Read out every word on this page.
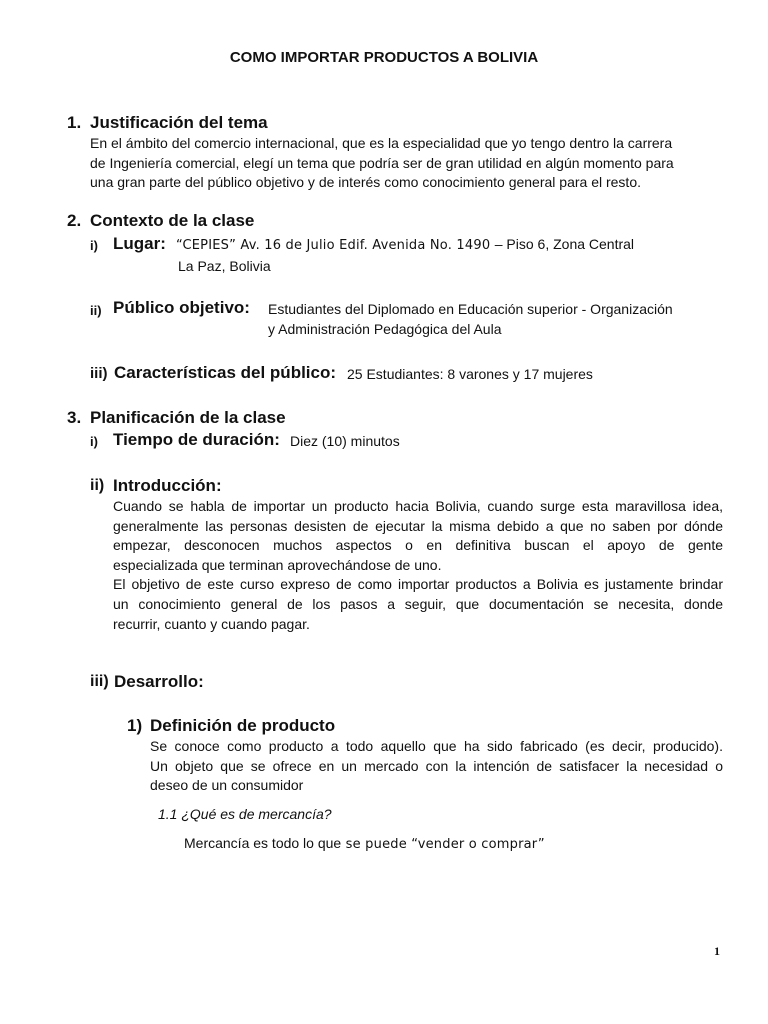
COMO IMPORTAR PRODUCTOS A BOLIVIA
1. Justificación del tema
En el ámbito del comercio internacional, que es la especialidad que yo tengo dentro la carrera
de Ingeniería comercial, elegí un tema que podría ser de gran utilidad en algún momento para
una gran parte del público objetivo y de interés como conocimiento general para el resto.
2. Contexto de la clase
i) Lugar: “CEPIES” Av. 16 de Julio Edif. Avenida No. 1490 – Piso 6, Zona Central
La Paz, Bolivia
ii) Público objetivo: Estudiantes del Diplomado en Educación superior - Organización
y Administración Pedagógica del Aula
iii) Características del público: 25 Estudiantes: 8 varones y 17 mujeres
3. Planificación de la clase
i) Tiempo de duración: Diez (10) minutos
ii) Introducción:
Cuando se habla de importar un producto hacia Bolivia, cuando surge esta maravillosa idea,
generalmente las personas desisten de ejecutar la misma debido a que no saben por dónde
empezar, desconocen muchos aspectos o en definitiva buscan el apoyo de gente
especializada que terminan aprovechándose de uno.
El objetivo de este curso expreso de como importar productos a Bolivia es justamente brindar
un conocimiento general de los pasos a seguir, que documentación se necesita, donde
recurrir, cuanto y cuando pagar.
iii) Desarrollo:
1) Definición de producto
Se conoce como producto a todo aquello que ha sido fabricado (es decir, producido).
Un objeto que se ofrece en un mercado con la intención de satisfacer la necesidad o
deseo de un consumidor
1.1 ¿Qué es de mercancía?
Mercancía es todo lo que se puede “vender o comprar”
1
